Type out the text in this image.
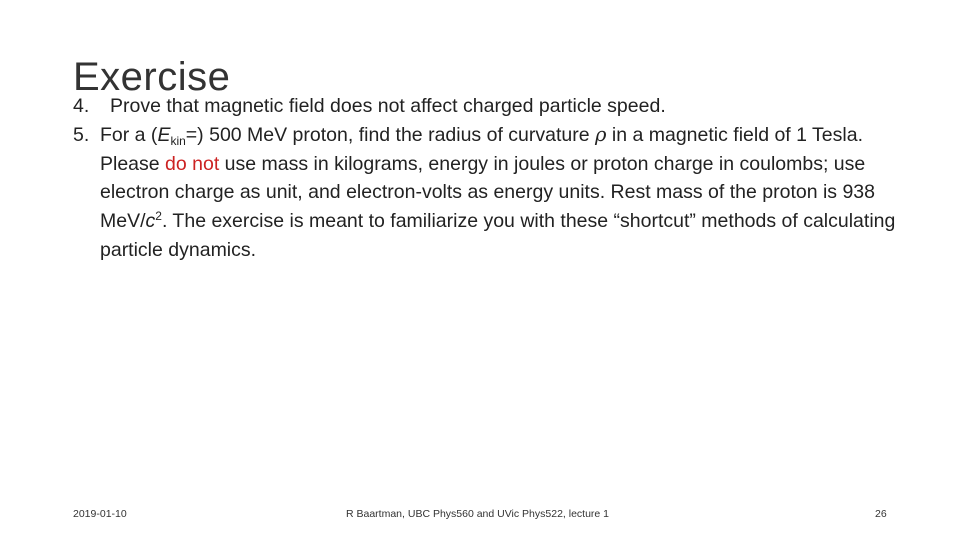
Exercise
4.	Prove that magnetic field does not affect charged particle speed.
5. For a $(E_{kin}=)$ 500 MeV proton, find the radius of curvature ρ in a magnetic field of 1 Tesla. Please do not use mass in kilograms, energy in joules or proton charge in coulombs; use electron charge as unit, and electron-volts as energy units. Rest mass of the proton is 938 MeV/$c^2$. The exercise is meant to familiarize you with these “shortcut” methods of calculating particle dynamics.
2019-01-10	R Baartman, UBC Phys560 and UVic Phys522, lecture 1	26
